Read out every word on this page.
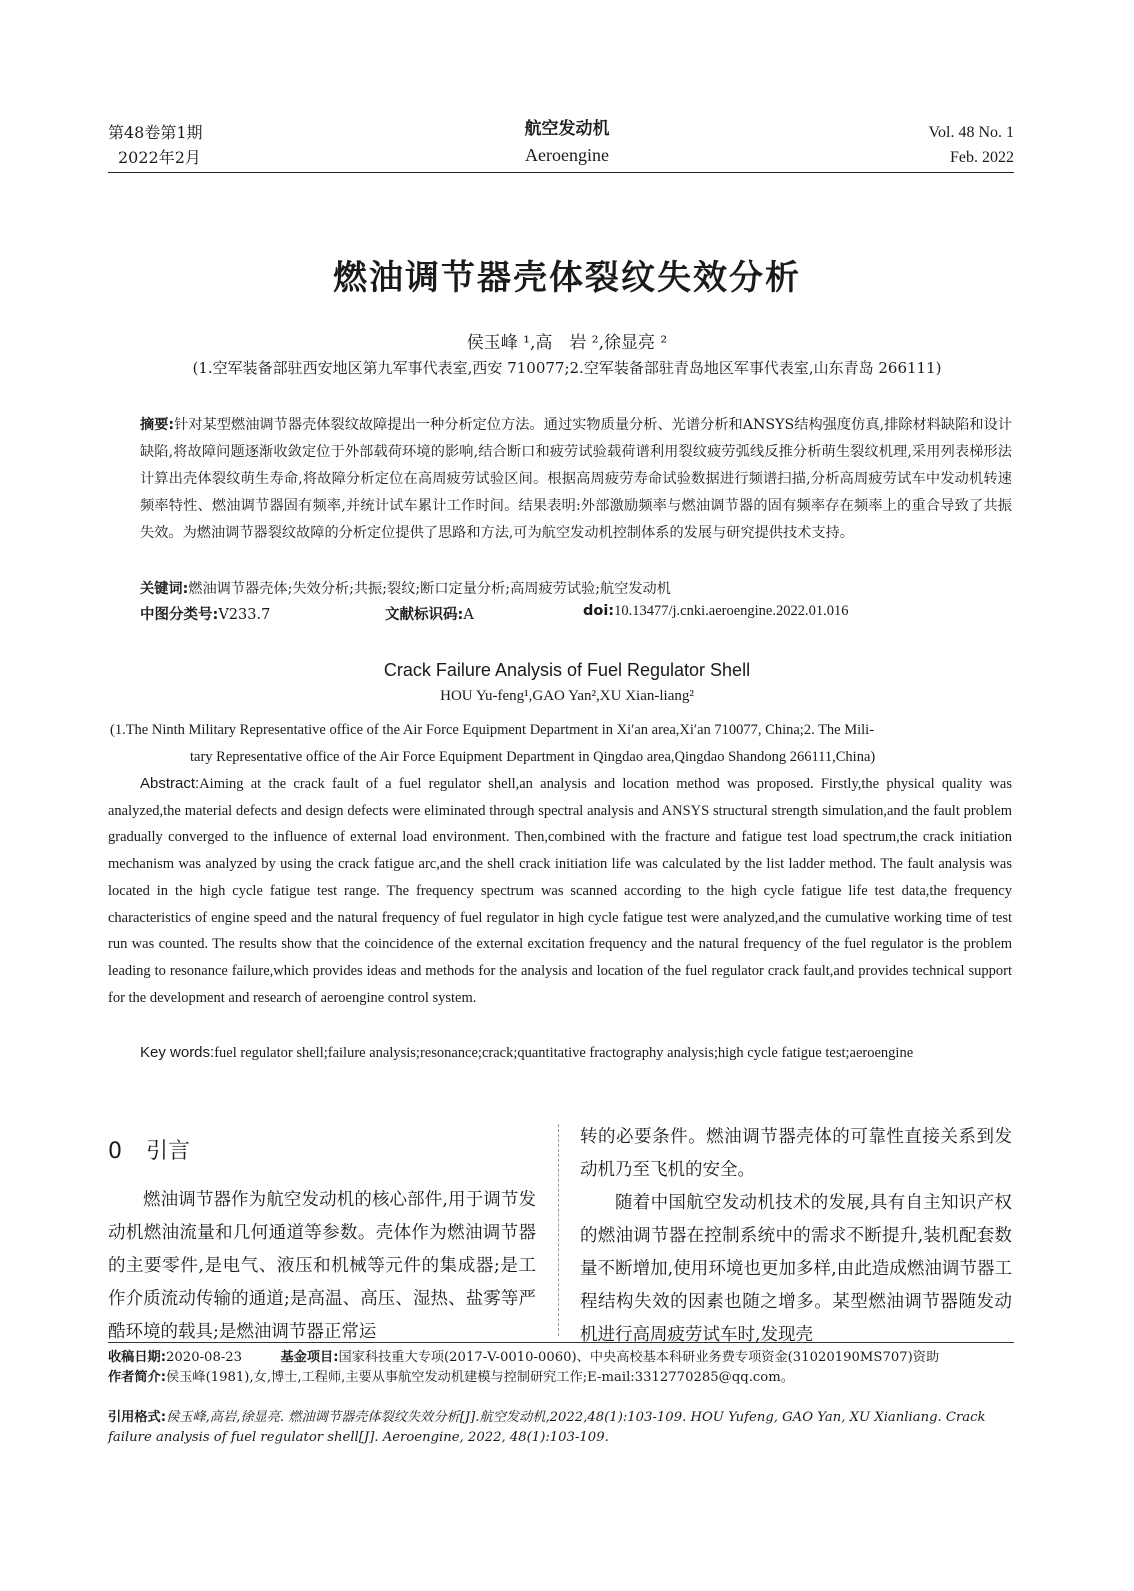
第48卷第1期
2022年2月
航空发动机
Aeroengine
Vol. 48 No. 1
Feb. 2022
燃油调节器壳体裂纹失效分析
侯玉峰 ¹,高　岩 ²,徐显亮 ²
(1.空军装备部驻西安地区第九军事代表室,西安 710077;2.空军装备部驻青岛地区军事代表室,山东青岛 266111)
摘要:针对某型燃油调节器壳体裂纹故障提出一种分析定位方法。通过实物质量分析、光谱分析和ANSYS结构强度仿真,排除材料缺陷和设计缺陷,将故障问题逐渐收敛定位于外部载荷环境的影响,结合断口和疲劳试验载荷谱利用裂纹疲劳弧线反推分析萌生裂纹机理,采用列表梯形法计算出壳体裂纹萌生寿命,将故障分析定位在高周疲劳试验区间。根据高周疲劳寿命试验数据进行频谱扫描,分析高周疲劳试车中发动机转速频率特性、燃油调节器固有频率,并统计试车累计工作时间。结果表明:外部激励频率与燃油调节器的固有频率存在频率上的重合导致了共振失效。为燃油调节器裂纹故障的分析定位提供了思路和方法,可为航空发动机控制体系的发展与研究提供技术支持。
关键词:燃油调节器壳体;失效分析;共振;裂纹;断口定量分析;高周疲劳试验;航空发动机
中图分类号:V233.7	文献标识码:A	doi:10.13477/j.cnki.aeroengine.2022.01.016
Crack Failure Analysis of Fuel Regulator Shell
HOU Yu-feng¹,GAO Yan²,XU Xian-liang²
(1.The Ninth Military Representative office of the Air Force Equipment Department in Xi′an area,Xi′an 710077, China;2. The Mili-
tary Representative office of the Air Force Equipment Department in Qingdao area,Qingdao Shandong 266111,China)
Abstract:Aiming at the crack fault of a fuel regulator shell,an analysis and location method was proposed. Firstly,the physical quality was analyzed,the material defects and design defects were eliminated through spectral analysis and ANSYS structural strength simulation,and the fault problem gradually converged to the influence of external load environment. Then,combined with the fracture and fatigue test load spectrum,the crack initiation mechanism was analyzed by using the crack fatigue arc,and the shell crack initiation life was calculated by the list ladder method. The fault analysis was located in the high cycle fatigue test range. The frequency spectrum was scanned according to the high cycle fatigue life test data,the frequency characteristics of engine speed and the natural frequency of fuel regulator in high cycle fatigue test were analyzed,and the cumulative working time of test run was counted. The results show that the coincidence of the external excitation frequency and the natural frequency of the fuel regulator is the problem leading to resonance failure,which provides ideas and methods for the analysis and location of the fuel regulator crack fault,and provides technical support for the development and research of aeroengine control system.
Key words:fuel regulator shell;failure analysis;resonance;crack;quantitative fractography analysis;high cycle fatigue test;aeroengine
0 引言

燃油调节器作为航空发动机的核心部件,用于调节发动机燃油流量和几何通道等参数。壳体作为燃油调节器的主要零件,是电气、液压和机械等元件的集成器;是工作介质流动传输的通道;是高温、高压、湿热、盐雾等严酷环境的载具;是燃油调节器正常运

转的必要条件。燃油调节器壳体的可靠性直接关系到发动机乃至飞机的安全。

随着中国航空发动机技术的发展,具有自主知识产权的燃油调节器在控制系统中的需求不断提升,装机配套数量不断增加,使用环境也更加多样,由此造成燃油调节器工程结构失效的因素也随之增多。某型燃油调节器随发动机进行高周疲劳试车时,发现壳

收稿日期:2020-08-23	基金项目:国家科技重大专项(2017-V-0010-0060)、中央高校基本科研业务费专项资金(31020190MS707)资助
作者简介:侯玉峰(1981),女,博士,工程师,主要从事航空发动机建模与控制研究工作;E-mail:3312770285@qq.com。
引用格式:侯玉峰,高岩,徐显亮. 燃油调节器壳体裂纹失效分析[J].航空发动机,2022,48(1):103-109. HOU Yufeng, GAO Yan, XU Xianliang. Crack failure analysis of fuel regulator shell[J]. Aeroengine, 2022, 48(1):103-109.
